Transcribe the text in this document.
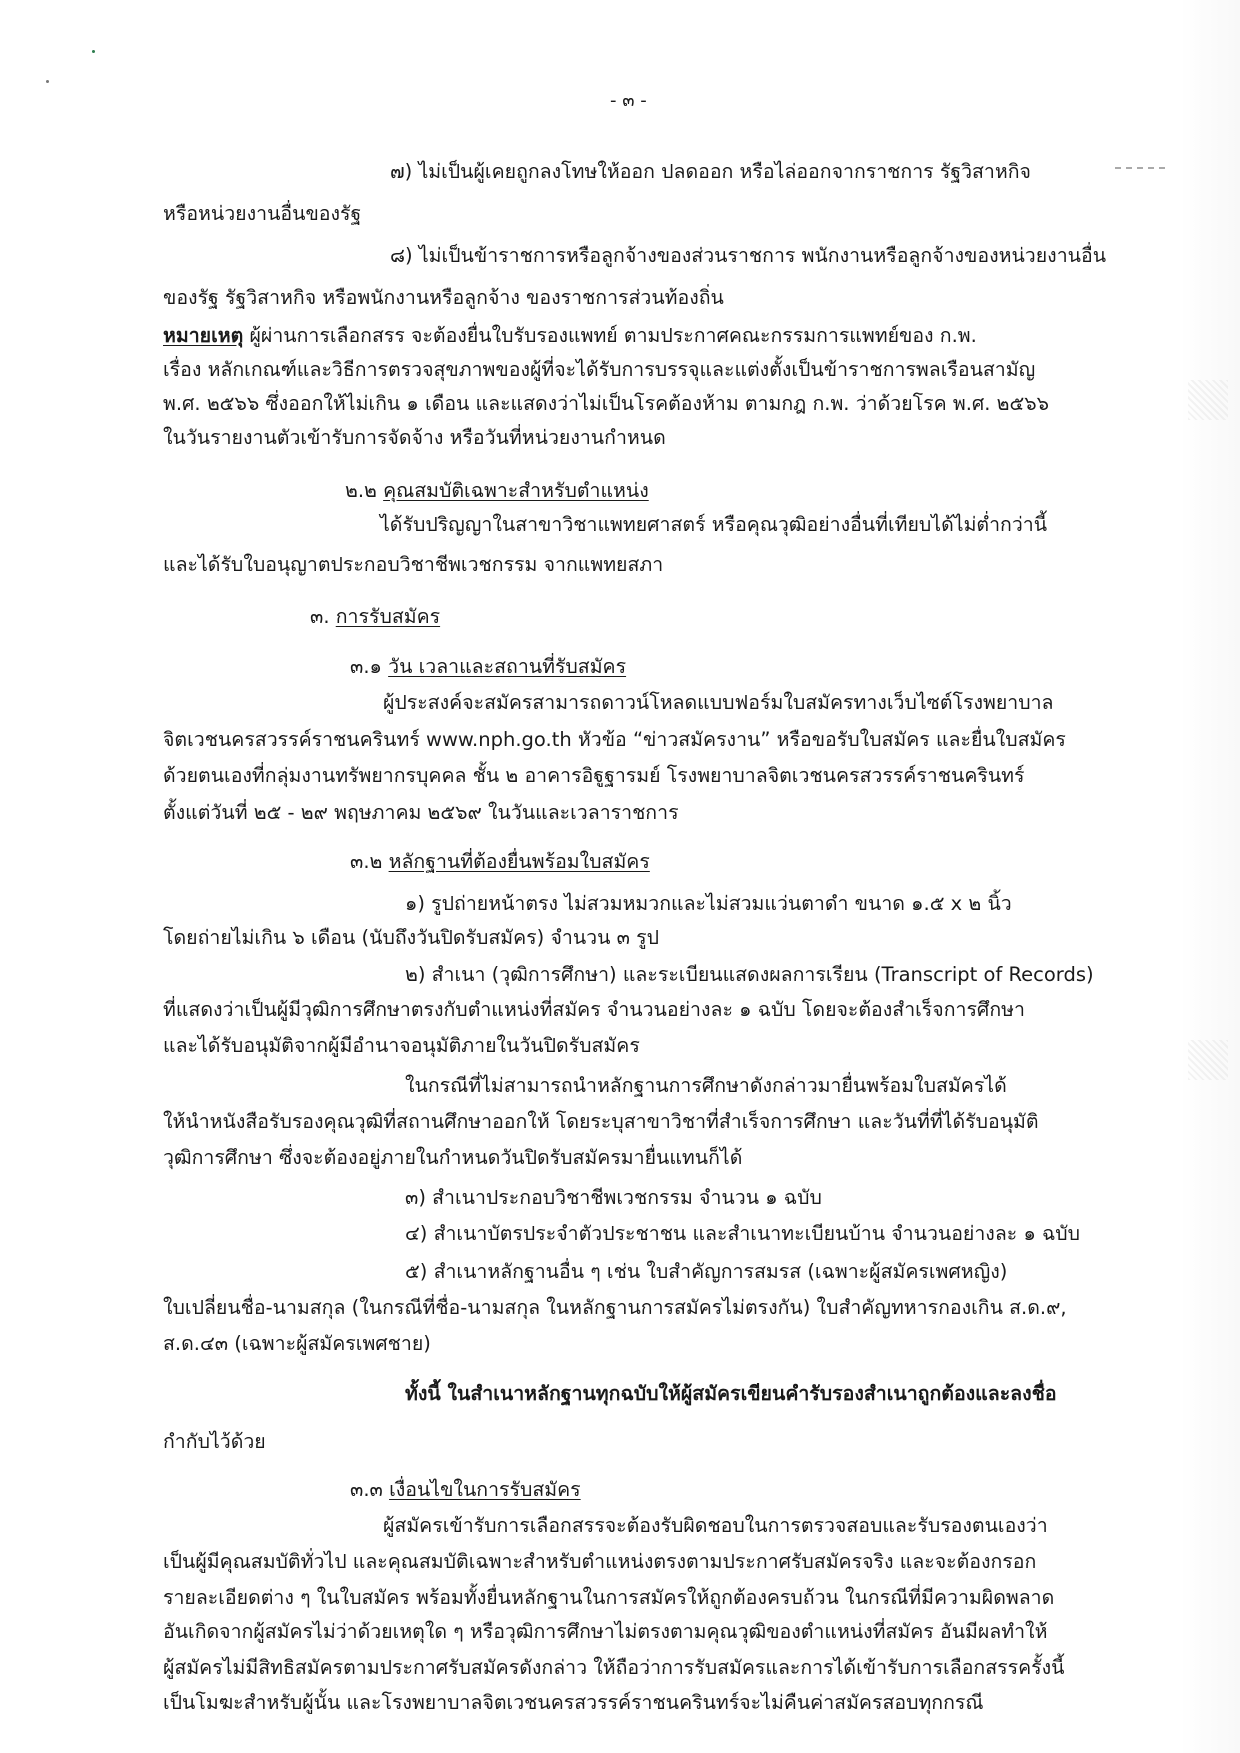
- ๓ -
๗) ไม่เป็นผู้เคยถูกลงโทษให้ออก ปลดออก หรือไล่ออกจากราชการ รัฐวิสาหกิจ
หรือหน่วยงานอื่นของรัฐ
๘) ไม่เป็นข้าราชการหรือลูกจ้างของส่วนราชการ พนักงานหรือลูกจ้างของหน่วยงานอื่น
ของรัฐ รัฐวิสาหกิจ หรือพนักงานหรือลูกจ้าง ของราชการส่วนท้องถิ่น
หมายเหตุ ผู้ผ่านการเลือกสรร จะต้องยื่นใบรับรองแพทย์ ตามประกาศคณะกรรมการแพทย์ของ ก.พ.
เรื่อง หลักเกณฑ์และวิธีการตรวจสุขภาพของผู้ที่จะได้รับการบรรจุและแต่งตั้งเป็นข้าราชการพลเรือนสามัญ
พ.ศ. ๒๕๖๖ ซึ่งออกให้ไม่เกิน ๑ เดือน และแสดงว่าไม่เป็นโรคต้องห้าม ตามกฎ ก.พ. ว่าด้วยโรค พ.ศ. ๒๕๖๖
ในวันรายงานตัวเข้ารับการจัดจ้าง หรือวันที่หน่วยงานกำหนด
๒.๒ คุณสมบัติเฉพาะสำหรับตำแหน่ง
ได้รับปริญญาในสาขาวิชาแพทยศาสตร์ หรือคุณวุฒิอย่างอื่นที่เทียบได้ไม่ต่ำกว่านี้
และได้รับใบอนุญาตประกอบวิชาชีพเวชกรรม จากแพทยสภา
๓. การรับสมัคร
๓.๑ วัน เวลาและสถานที่รับสมัคร
ผู้ประสงค์จะสมัครสามารถดาวน์โหลดแบบฟอร์มใบสมัครทางเว็บไซต์โรงพยาบาล
จิตเวชนครสวรรค์ราชนครินทร์ www.nph.go.th หัวข้อ “ข่าวสมัครงาน” หรือขอรับใบสมัคร และยื่นใบสมัคร
ด้วยตนเองที่กลุ่มงานทรัพยากรบุคคล ชั้น ๒ อาคารอิฐูฐารมย์ โรงพยาบาลจิตเวชนครสวรรค์ราชนครินทร์
ตั้งแต่วันที่ ๒๕ - ๒๙ พฤษภาคม ๒๕๖๙ ในวันและเวลาราชการ
๓.๒ หลักฐานที่ต้องยื่นพร้อมใบสมัคร
๑) รูปถ่ายหน้าตรง ไม่สวมหมวกและไม่สวมแว่นตาดำ ขนาด ๑.๕ x ๒ นิ้ว
โดยถ่ายไม่เกิน ๖ เดือน (นับถึงวันปิดรับสมัคร) จำนวน ๓ รูป
๒) สำเนา (วุฒิการศึกษา) และระเบียนแสดงผลการเรียน (Transcript of Records)
ที่แสดงว่าเป็นผู้มีวุฒิการศึกษาตรงกับตำแหน่งที่สมัคร จำนวนอย่างละ ๑ ฉบับ โดยจะต้องสำเร็จการศึกษา
และได้รับอนุมัติจากผู้มีอำนาจอนุมัติภายในวันปิดรับสมัคร
ในกรณีที่ไม่สามารถนำหลักฐานการศึกษาดังกล่าวมายื่นพร้อมใบสมัครได้
ให้นำหนังสือรับรองคุณวุฒิที่สถานศึกษาออกให้ โดยระบุสาขาวิชาที่สำเร็จการศึกษา และวันที่ที่ได้รับอนุมัติ
วุฒิการศึกษา ซึ่งจะต้องอยู่ภายในกำหนดวันปิดรับสมัครมายื่นแทนก็ได้
๓) สำเนาประกอบวิชาชีพเวชกรรม จำนวน ๑ ฉบับ
๔) สำเนาบัตรประจำตัวประชาชน และสำเนาทะเบียนบ้าน จำนวนอย่างละ ๑ ฉบับ
๕) สำเนาหลักฐานอื่น ๆ เช่น ใบสำคัญการสมรส (เฉพาะผู้สมัครเพศหญิง)
ใบเปลี่ยนชื่อ-นามสกุล (ในกรณีที่ชื่อ-นามสกุล ในหลักฐานการสมัครไม่ตรงกัน) ใบสำคัญทหารกองเกิน ส.ด.๙,
ส.ด.๔๓ (เฉพาะผู้สมัครเพศชาย)
ทั้งนี้ ในสำเนาหลักฐานทุกฉบับให้ผู้สมัครเขียนคำรับรองสำเนาถูกต้องและลงชื่อ
กำกับไว้ด้วย
๓.๓ เงื่อนไขในการรับสมัคร
ผู้สมัครเข้ารับการเลือกสรรจะต้องรับผิดชอบในการตรวจสอบและรับรองตนเองว่า
เป็นผู้มีคุณสมบัติทั่วไป และคุณสมบัติเฉพาะสำหรับตำแหน่งตรงตามประกาศรับสมัครจริง และจะต้องกรอก
รายละเอียดต่าง ๆ ในใบสมัคร พร้อมทั้งยื่นหลักฐานในการสมัครให้ถูกต้องครบถ้วน ในกรณีที่มีความผิดพลาด
อันเกิดจากผู้สมัครไม่ว่าด้วยเหตุใด ๆ หรือวุฒิการศึกษาไม่ตรงตามคุณวุฒิของตำแหน่งที่สมัคร อันมีผลทำให้
ผู้สมัครไม่มีสิทธิสมัครตามประกาศรับสมัครดังกล่าว ให้ถือว่าการรับสมัครและการได้เข้ารับการเลือกสรรครั้งนี้
เป็นโมฆะสำหรับผู้นั้น และโรงพยาบาลจิตเวชนครสวรรค์ราชนครินทร์จะไม่คืนค่าสมัครสอบทุกกรณี
